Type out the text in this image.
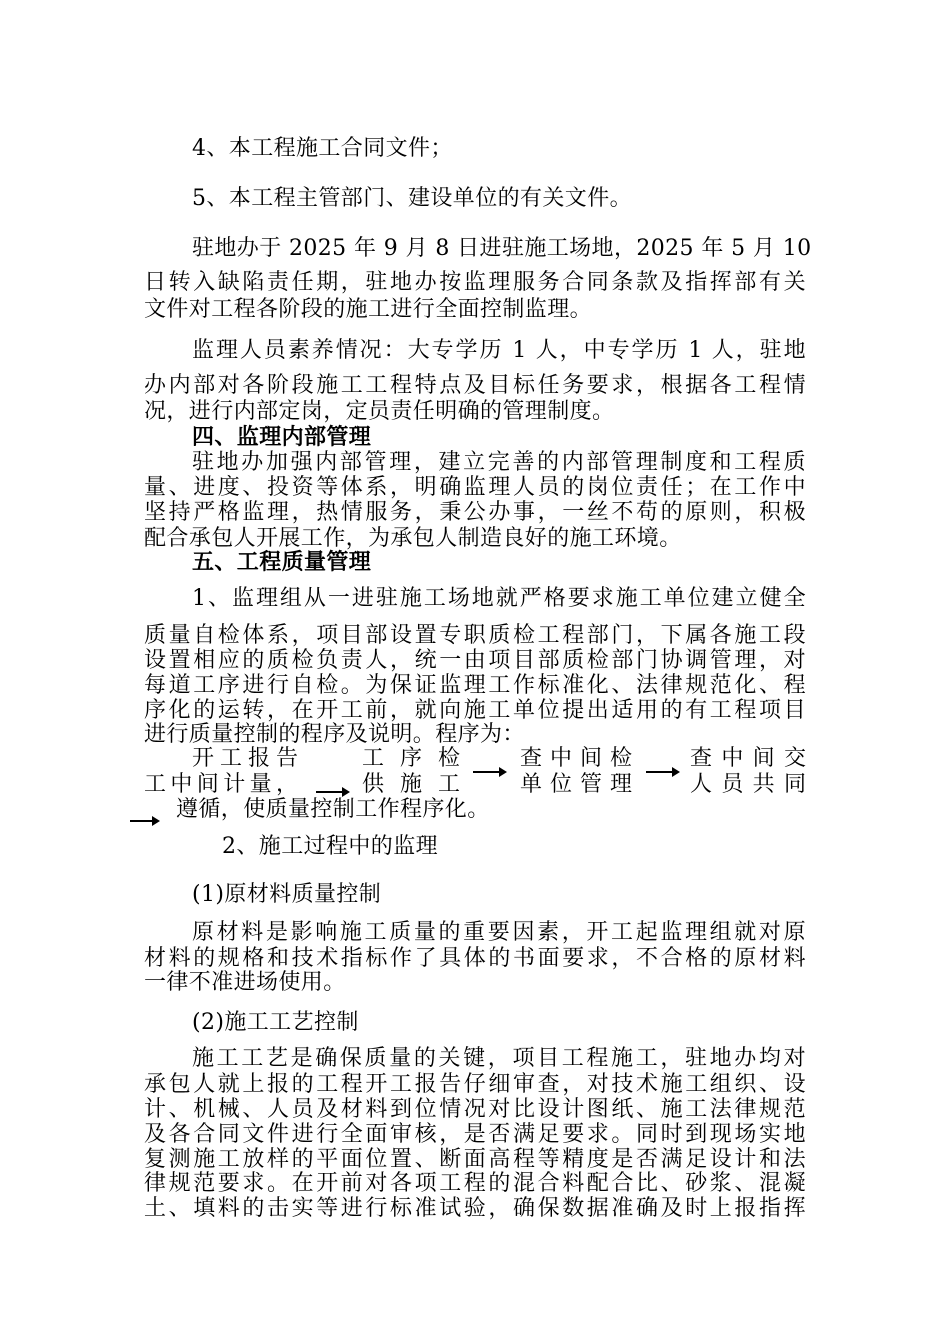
4、本工程施工合同文件；
5、本工程主管部门、建设单位的有关文件。
驻地办于 2025 年 9 月 8 日进驻施工场地，2025 年 5 月 10
日转入缺陷责任期，驻地办按监理服务合同条款及指挥部有关
文件对工程各阶段的施工进行全面控制监理。
监理人员素养情况：大专学历 1 人，中专学历 1 人，驻地
办内部对各阶段施工工程特点及目标任务要求，根据各工程情
况，进行内部定岗，定员责任明确的管理制度。
四、监理内部管理
驻地办加强内部管理，建立完善的内部管理制度和工程质
量、进度、投资等体系，明确监理人员的岗位责任；在工作中
坚持严格监理，热情服务，秉公办事，一丝不苟的原则，积极
配合承包人开展工作，为承包人制造良好的施工环境。
五、工程质量管理
1、监理组从一进驻施工场地就严格要求施工单位建立健全
质量自检体系，项目部设置专职质检工程部门，下属各施工段
设置相应的质检负责人，统一由项目部质检部门协调管理，对
每道工序进行自检。为保证监理工作标准化、法律规范化、程
序化的运转，在开工前，就向施工单位提出适用的有工程项目
进行质量控制的程序及说明。程序为：
开工报告
工中间计量，
工 序 检
供 施 工
查中间检
单位管理
查中间交
人员共同
遵循，使质量控制工作程序化。
2、施工过程中的监理
(1)原材料质量控制
原材料是影响施工质量的重要因素，开工起监理组就对原
材料的规格和技术指标作了具体的书面要求，不合格的原材料
一律不准进场使用。
(2)施工工艺控制
施工工艺是确保质量的关键，项目工程施工，驻地办均对
承包人就上报的工程开工报告仔细审查，对技术施工组织、设
计、机械、人员及材料到位情况对比设计图纸、施工法律规范
及各合同文件进行全面审核，是否满足要求。同时到现场实地
复测施工放样的平面位置、断面高程等精度是否满足设计和法
律规范要求。在开前对各项工程的混合料配合比、砂浆、混凝
土、填料的击实等进行标准试验，确保数据准确及时上报指挥
